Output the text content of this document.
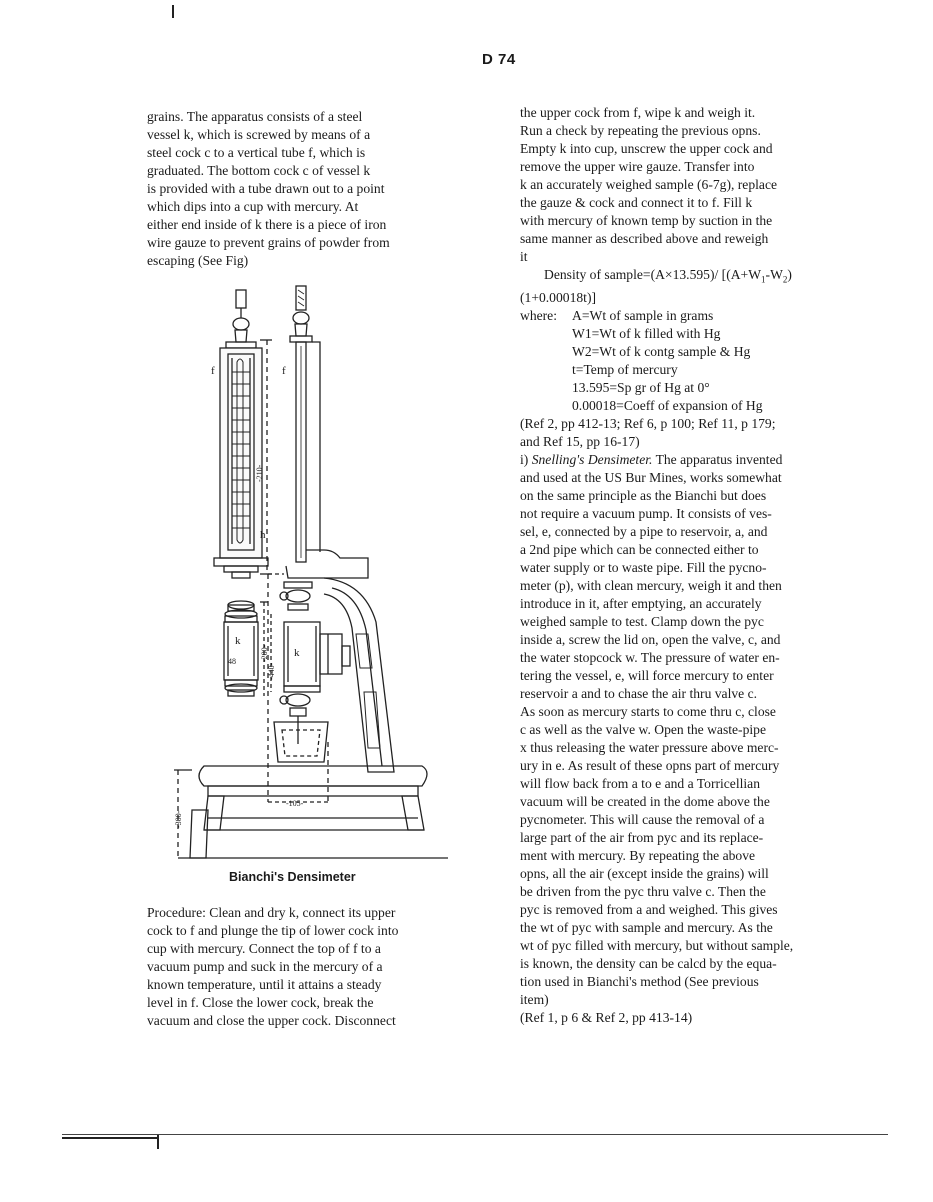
D 74
grains. The apparatus consists of a steel
vessel k, which is screwed by means of a
steel cock c to a vertical tube f, which is
graduated. The bottom cock c of vessel k
is provided with a tube drawn out to a point
which dips into a cup with mercury. At
either end inside of k there is a piece of iron
wire gauze to prevent grains of powder from
escaping (See Fig)
f	f
h
k
k
-210-
48	-200-
-440-
-105-
-300-
Bianchi's Densimeter
Procedure: Clean and dry k, connect its upper
cock to f and plunge the tip of lower cock into
cup with mercury. Connect the top of f to a
vacuum pump and suck in the mercury of a
known temperature, until it attains a steady
level in f. Close the lower cock, break the
vacuum and close the upper cock. Disconnect
the upper cock from f, wipe k and weigh it.
Run a check by repeating the previous opns.
Empty k into cup, unscrew the upper cock and
remove the upper wire gauze. Transfer into
k an accurately weighed sample (6-7g), replace
the gauze & cock and connect it to f. Fill k
with mercury of known temp by suction in the
same manner as described above and reweigh
it
Density of sample=(A×13.595)/ [$(A+W_1-W_2)$
(1+0.00018t)]
where:	A=Wt of sample in grams
W1=Wt of k filled with Hg
W2=Wt of k contg sample & Hg
t=Temp of mercury
13.595=Sp gr of Hg at 0°
0.00018=Coeff of expansion of Hg
(Ref 2, pp 412-13; Ref 6, p 100; Ref 11, p 179;
and Ref 15, pp 16-17)
i) Snelling's Densimeter. The apparatus invented
and used at the US Bur Mines, works somewhat
on the same principle as the Bianchi but does
not require a vacuum pump. It consists of ves-
sel, e, connected by a pipe to reservoir, a, and
a 2nd pipe which can be connected either to
water supply or to waste pipe. Fill the pycno-
meter (p), with clean mercury, weigh it and then
introduce in it, after emptying, an accurately
weighed sample to test. Clamp down the pyc
inside a, screw the lid on, open the valve, c, and
the water stopcock w. The pressure of water en-
tering the vessel, e, will force mercury to enter
reservoir a and to chase the air thru valve c.
As soon as mercury starts to come thru c, close
c as well as the valve w. Open the waste-pipe
x thus releasing the water pressure above merc-
ury in e. As result of these opns part of mercury
will flow back from a to e and a Torricellian
vacuum will be created in the dome above the
pycnometer. This will cause the removal of a
large part of the air from pyc and its replace-
ment with mercury. By repeating the above
opns, all the air (except inside the grains) will
be driven from the pyc thru valve c. Then the
pyc is removed from a and weighed. This gives
the wt of pyc with sample and mercury. As the
wt of pyc filled with mercury, but without sample,
is known, the density can be calcd by the equa-
tion used in Bianchi's method (See previous
item)
(Ref 1, p 6 & Ref 2, pp 413-14)
